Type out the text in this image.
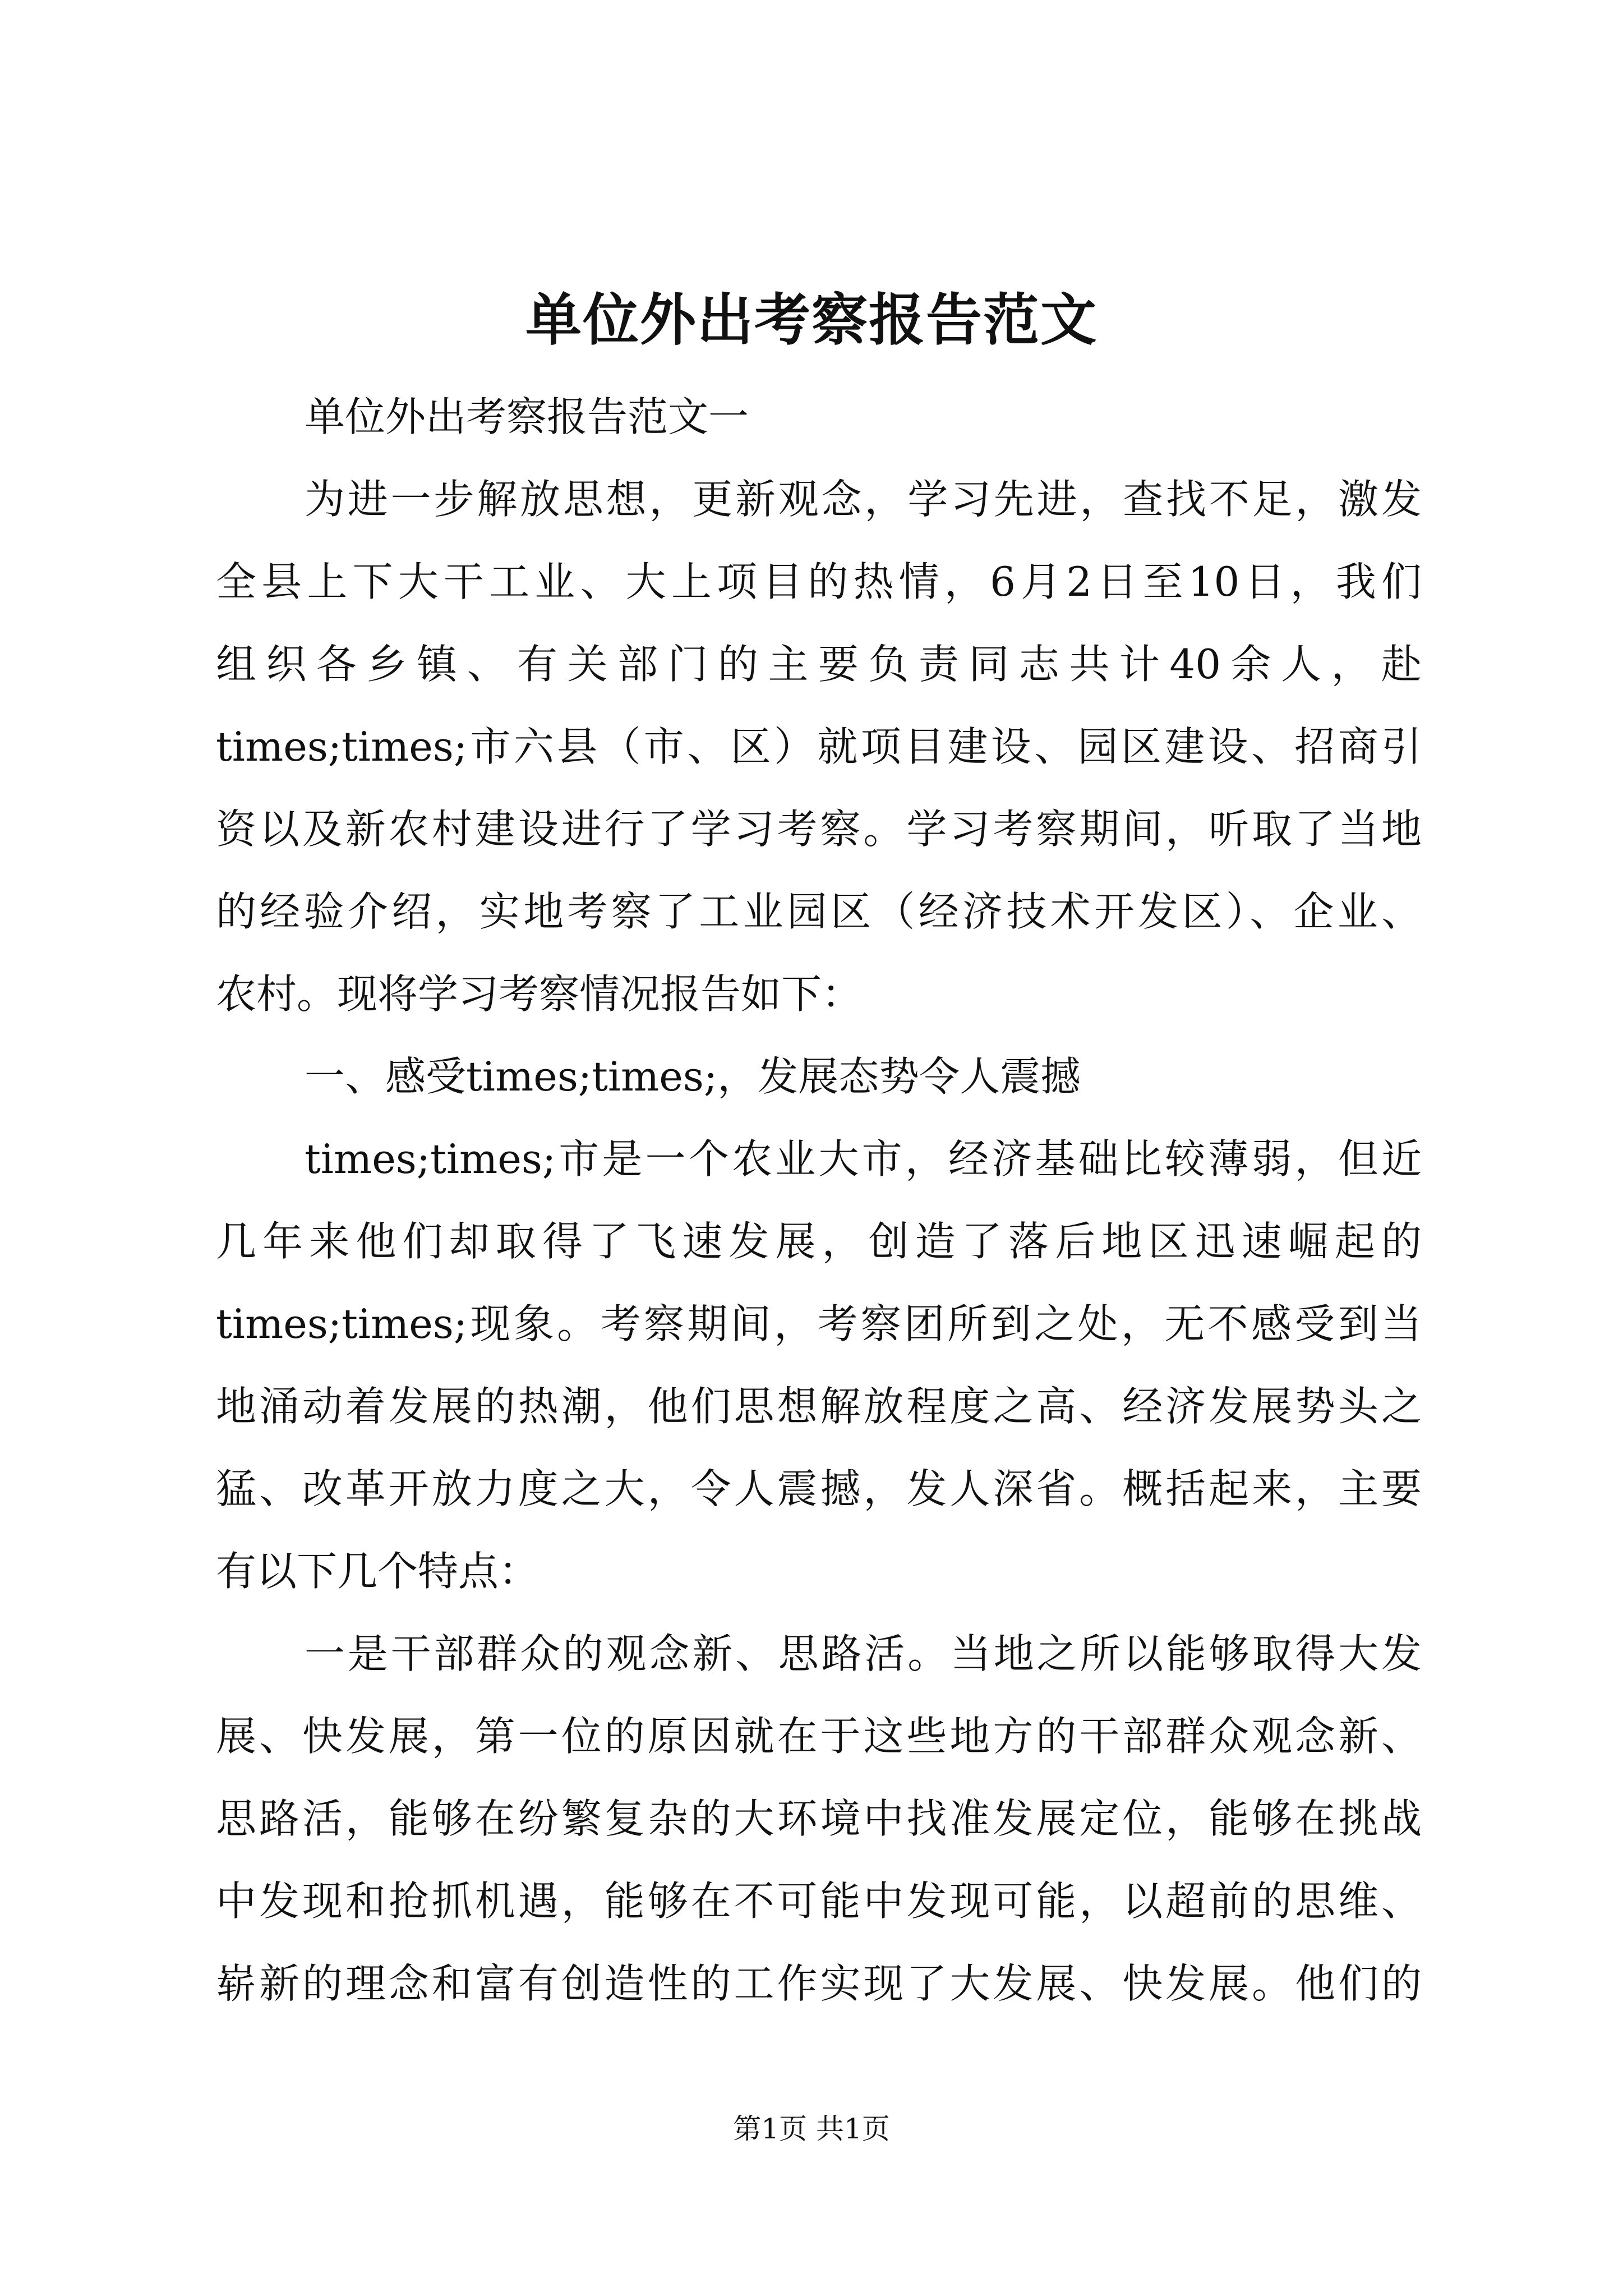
单位外出考察报告范文
单位外出考察报告范文一
为进一步解放思想，更新观念，学习先进，查找不足，激发
全县上下大干工业、大上项目的热情，6月2日至10日，我们
组织各乡镇、有关部门的主要负责同志共计40余人，赴
times;times;市六县（市、区）就项目建设、园区建设、招商引
资以及新农村建设进行了学习考察。学习考察期间，听取了当地
的经验介绍，实地考察了工业园区（经济技术开发区）、企业、
农村。现将学习考察情况报告如下：
一、感受times;times;，发展态势令人震撼
times;times;市是一个农业大市，经济基础比较薄弱，但近
几年来他们却取得了飞速发展，创造了落后地区迅速崛起的
times;times;现象。考察期间，考察团所到之处，无不感受到当
地涌动着发展的热潮，他们思想解放程度之高、经济发展势头之
猛、改革开放力度之大，令人震撼，发人深省。概括起来，主要
有以下几个特点：
一是干部群众的观念新、思路活。当地之所以能够取得大发
展、快发展，第一位的原因就在于这些地方的干部群众观念新、
思路活，能够在纷繁复杂的大环境中找准发展定位，能够在挑战
中发现和抢抓机遇，能够在不可能中发现可能，以超前的思维、
崭新的理念和富有创造性的工作实现了大发展、快发展。他们的
第1页 共1页
